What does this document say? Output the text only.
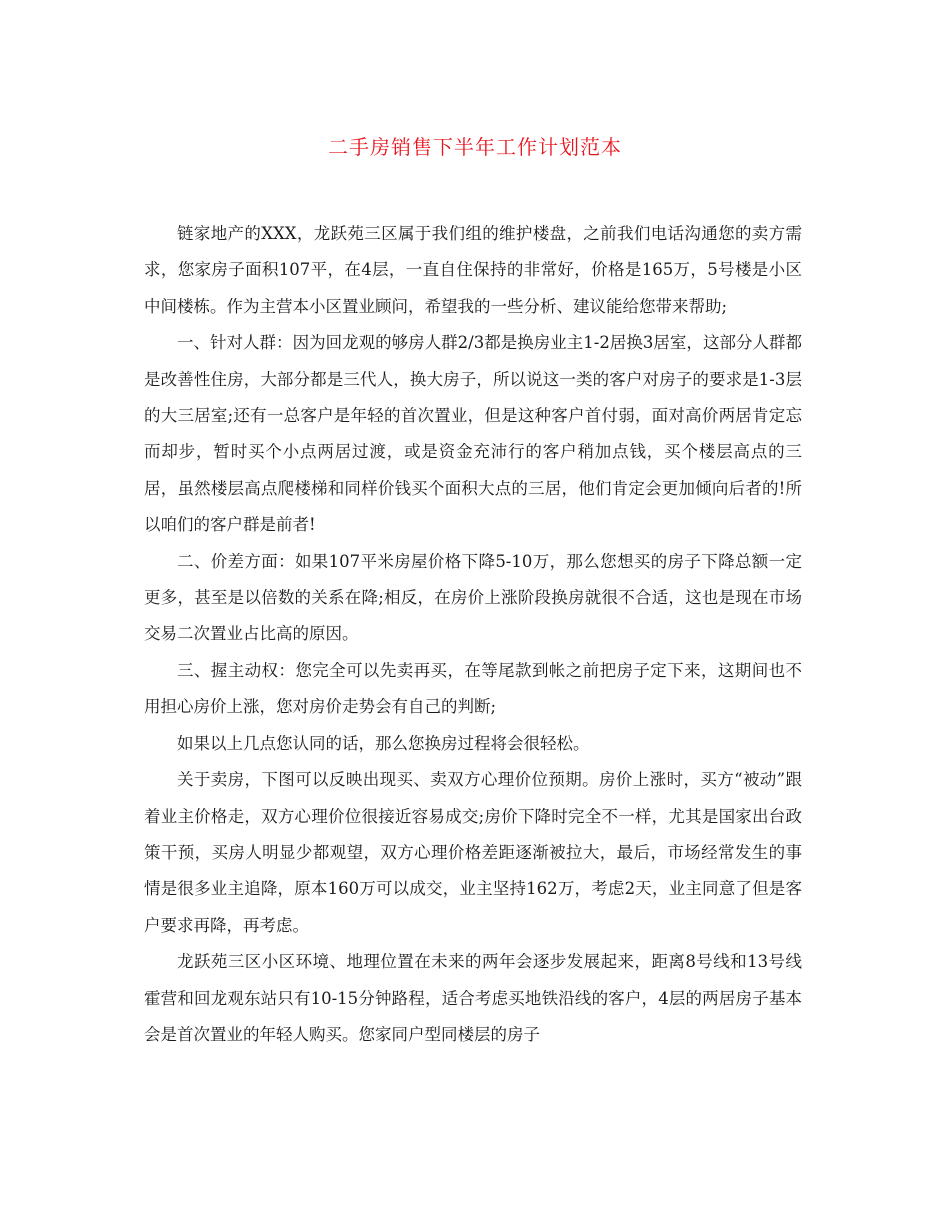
二手房销售下半年工作计划范本

链家地产的XXX，龙跃苑三区属于我们组的维护楼盘，之前我们电话沟通您的卖方需求，您家房子面积107平，在4层，一直自住保持的非常好，价格是165万，5号楼是小区中间楼栋。作为主营本小区置业顾问，希望我的一些分析、建议能给您带来帮助;

一、针对人群：因为回龙观的够房人群2/3都是换房业主1-2居换3居室，这部分人群都是改善性住房，大部分都是三代人，换大房子，所以说这一类的客户对房子的要求是1-3层的大三居室;还有一总客户是年轻的首次置业，但是这种客户首付弱，面对高价两居肯定忘而却步，暂时买个小点两居过渡，或是资金充沛行的客户稍加点钱，买个楼层高点的三居，虽然楼层高点爬楼梯和同样价钱买个面积大点的三居，他们肯定会更加倾向后者的!所以咱们的客户群是前者!

二、价差方面：如果107平米房屋价格下降5-10万，那么您想买的房子下降总额一定更多，甚至是以倍数的关系在降;相反，在房价上涨阶段换房就很不合适，这也是现在市场交易二次置业占比高的原因。

三、握主动权：您完全可以先卖再买，在等尾款到帐之前把房子定下来，这期间也不用担心房价上涨，您对房价走势会有自己的判断;

如果以上几点您认同的话，那么您换房过程将会很轻松。

关于卖房，下图可以反映出现买、卖双方心理价位预期。房价上涨时，买方“被动”跟着业主价格走，双方心理价位很接近容易成交;房价下降时完全不一样，尤其是国家出台政策干预，买房人明显少都观望，双方心理价格差距逐渐被拉大，最后，市场经常发生的事情是很多业主追降，原本160万可以成交，业主坚持162万，考虑2天，业主同意了但是客户要求再降，再考虑。

龙跃苑三区小区环境、地理位置在未来的两年会逐步发展起来，距离8号线和13号线霍营和回龙观东站只有10-15分钟路程，适合考虑买地铁沿线的客户，4层的两居房子基本会是首次置业的年轻人购买。您家同户型同楼层的房子
